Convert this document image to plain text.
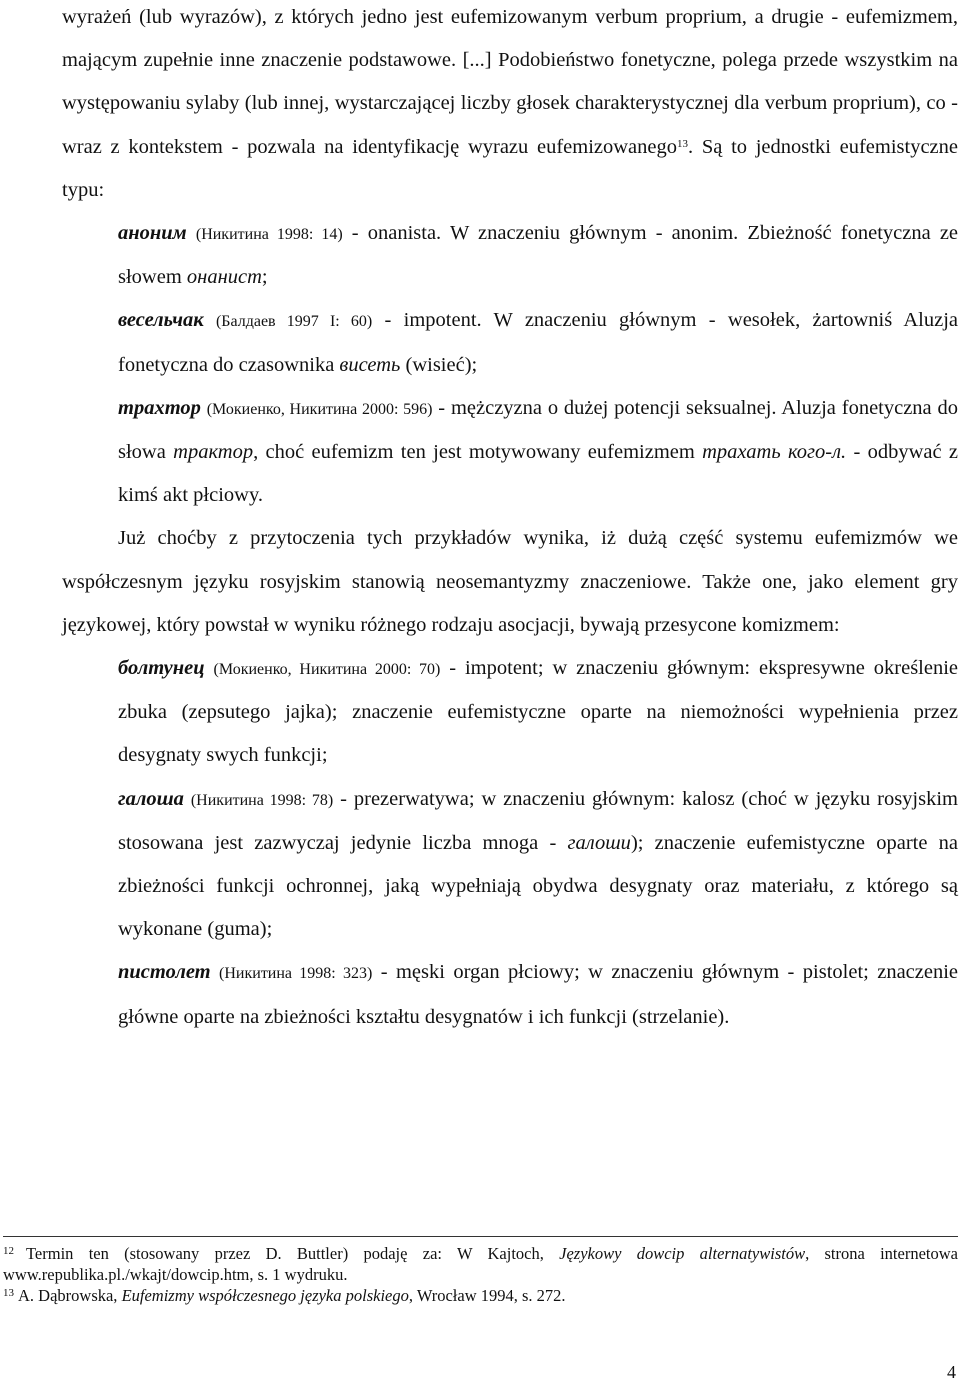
wyrażeń (lub wyrazów), z których jedno jest eufemizowanym verbum proprium, a drugie - eufemizmem, mającym zupełnie inne znaczenie podstawowe. [...] Podobieństwo fonetyczne, polega przede wszystkim na występowaniu sylaby (lub innej, wystarczającej liczby głosek charakterystycznej dla verbum proprium), co - wraz z kontekstem - pozwala na identyfikację wyrazu eufemizowanego$^{13}$. Są to jednostki eufemistyczne typu:

аноним (Никитина 1998: 14) - onanista. W znaczeniu głównym - anonim. Zbieżność fonetyczna ze słowem онанист;

весельчак (Балдаев 1997 I: 60) - impotent. W znaczeniu głównym - wesołek, żartowniś Aluzja fonetyczna do czasownika висеть (wisieć);

трахтор (Мокиенко, Никитина 2000: 596) - mężczyzna o dużej potencji seksualnej. Aluzja fonetyczna do słowa трактор, choć eufemizm ten jest motywowany eufemizmem трахать кого-л. - odbywać z kimś akt płciowy.

Już choćby z przytoczenia tych przykładów wynika, iż dużą część systemu eufemizmów we współczesnym języku rosyjskim stanowią neosemantyzmy znaczeniowe. Także one, jako element gry językowej, który powstał w wyniku różnego rodzaju asocjacji, bywają przesycone komizmem:

болтунец (Мокиенко, Никитина 2000: 70) - impotent; w znaczeniu głównym: ekspresywne określenie zbuka (zepsutego jajka); znaczenie eufemistyczne oparte na niemożności wypełnienia przez desygnaty swych funkcji;

галоша (Никитина 1998: 78) - prezerwatywa; w znaczeniu głównym: kalosz (choć w języku rosyjskim stosowana jest zazwyczaj jedynie liczba mnoga - галоши); znaczenie eufemistyczne oparte na zbieżności funkcji ochronnej, jaką wypełniają obydwa desygnaty oraz materiału, z którego są wykonane (guma);

пистолет (Никитина 1998: 323) - męski organ płciowy; w znaczeniu głównym - pistolet; znaczenie główne oparte na zbieżności kształtu desygnatów i ich funkcji (strzelanie).

$^{12}$ Termin ten (stosowany przez D. Buttler) podaję za: W Kajtoch, Językowy dowcip alternatywistów, strona internetowa www.republika.pl./wkajt/dowcip.htm, s. 1 wydruku.

$^{13}$ A. Dąbrowska, Eufemizmy współczesnego języka polskiego, Wrocław 1994, s. 272.

4
